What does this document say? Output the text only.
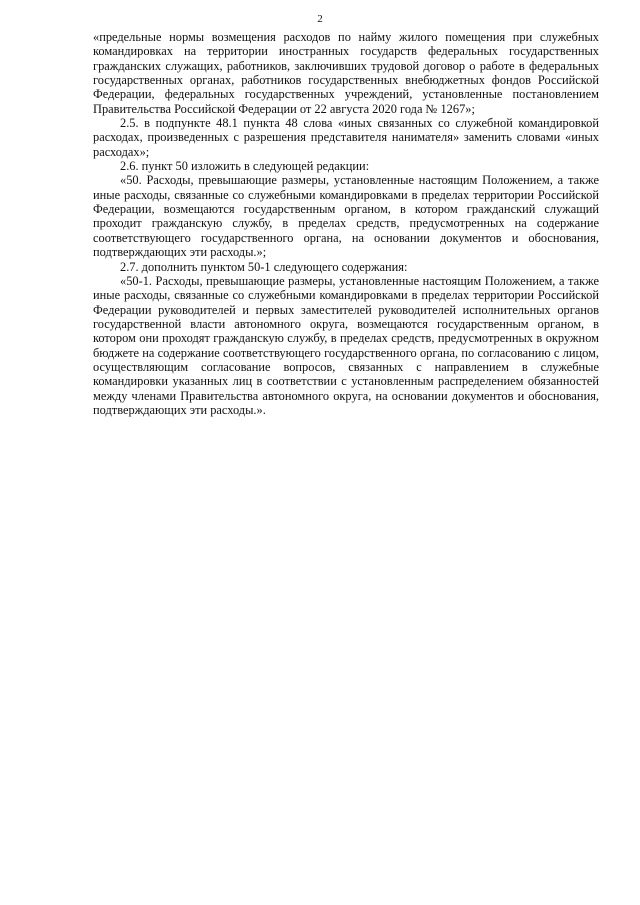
2

«предельные нормы возмещения расходов по найму жилого помещения при служебных командировках на территории иностранных государств федеральных государственных гражданских служащих, работников, заключивших трудовой договор о работе в федеральных государственных органах, работников государственных внебюджетных фондов Российской Федерации, федеральных государственных учреждений, установленные постановлением Правительства Российской Федерации от 22 августа 2020 года № 1267»;

2.5. в подпункте 48.1 пункта 48 слова «иных связанных со служебной командировкой расходах, произведенных с разрешения представителя нанимателя» заменить словами «иных расходах»;

2.6. пункт 50 изложить в следующей редакции:

«50. Расходы, превышающие размеры, установленные настоящим Положением, а также иные расходы, связанные со служебными командировками в пределах территории Российской Федерации, возмещаются государственным органом, в котором гражданский служащий проходит гражданскую службу, в пределах средств, предусмотренных на содержание соответствующего государственного органа, на основании документов и обоснования, подтверждающих эти расходы.»;

2.7. дополнить пунктом 50-1 следующего содержания:

«50-1. Расходы, превышающие размеры, установленные настоящим Положением, а также иные расходы, связанные со служебными командировками в пределах территории Российской Федерации руководителей и первых заместителей руководителей исполнительных органов государственной власти автономного округа, возмещаются государственным органом, в котором они проходят гражданскую службу, в пределах средств, предусмотренных в окружном бюджете на содержание соответствующего государственного органа, по согласованию с лицом, осуществляющим согласование вопросов, связанных с направлением в служебные командировки указанных лиц в соответствии с установленным распределением обязанностей между членами Правительства автономного округа, на основании документов и обоснования, подтверждающих эти расходы.».
